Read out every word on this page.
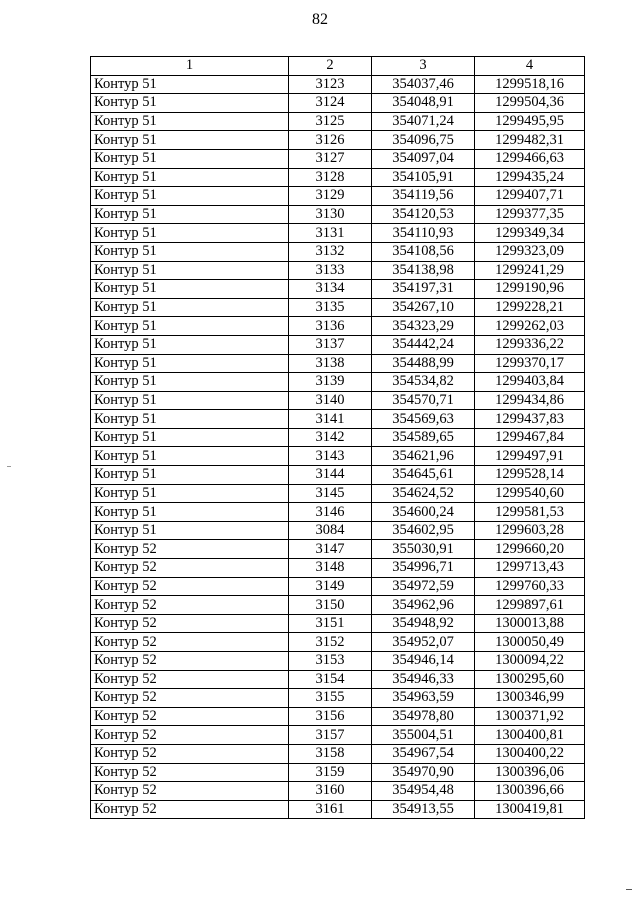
82
1	2	3	4
Контур 51	3123	354037,46	1299518,16
Контур 51	3124	354048,91	1299504,36
Контур 51	3125	354071,24	1299495,95
Контур 51	3126	354096,75	1299482,31
Контур 51	3127	354097,04	1299466,63
Контур 51	3128	354105,91	1299435,24
Контур 51	3129	354119,56	1299407,71
Контур 51	3130	354120,53	1299377,35
Контур 51	3131	354110,93	1299349,34
Контур 51	3132	354108,56	1299323,09
Контур 51	3133	354138,98	1299241,29
Контур 51	3134	354197,31	1299190,96
Контур 51	3135	354267,10	1299228,21
Контур 51	3136	354323,29	1299262,03
Контур 51	3137	354442,24	1299336,22
Контур 51	3138	354488,99	1299370,17
Контур 51	3139	354534,82	1299403,84
Контур 51	3140	354570,71	1299434,86
Контур 51	3141	354569,63	1299437,83
Контур 51	3142	354589,65	1299467,84
Контур 51	3143	354621,96	1299497,91
Контур 51	3144	354645,61	1299528,14
Контур 51	3145	354624,52	1299540,60
Контур 51	3146	354600,24	1299581,53
Контур 51	3084	354602,95	1299603,28
Контур 52	3147	355030,91	1299660,20
Контур 52	3148	354996,71	1299713,43
Контур 52	3149	354972,59	1299760,33
Контур 52	3150	354962,96	1299897,61
Контур 52	3151	354948,92	1300013,88
Контур 52	3152	354952,07	1300050,49
Контур 52	3153	354946,14	1300094,22
Контур 52	3154	354946,33	1300295,60
Контур 52	3155	354963,59	1300346,99
Контур 52	3156	354978,80	1300371,92
Контур 52	3157	355004,51	1300400,81
Контур 52	3158	354967,54	1300400,22
Контур 52	3159	354970,90	1300396,06
Контур 52	3160	354954,48	1300396,66
Контур 52	3161	354913,55	1300419,81
